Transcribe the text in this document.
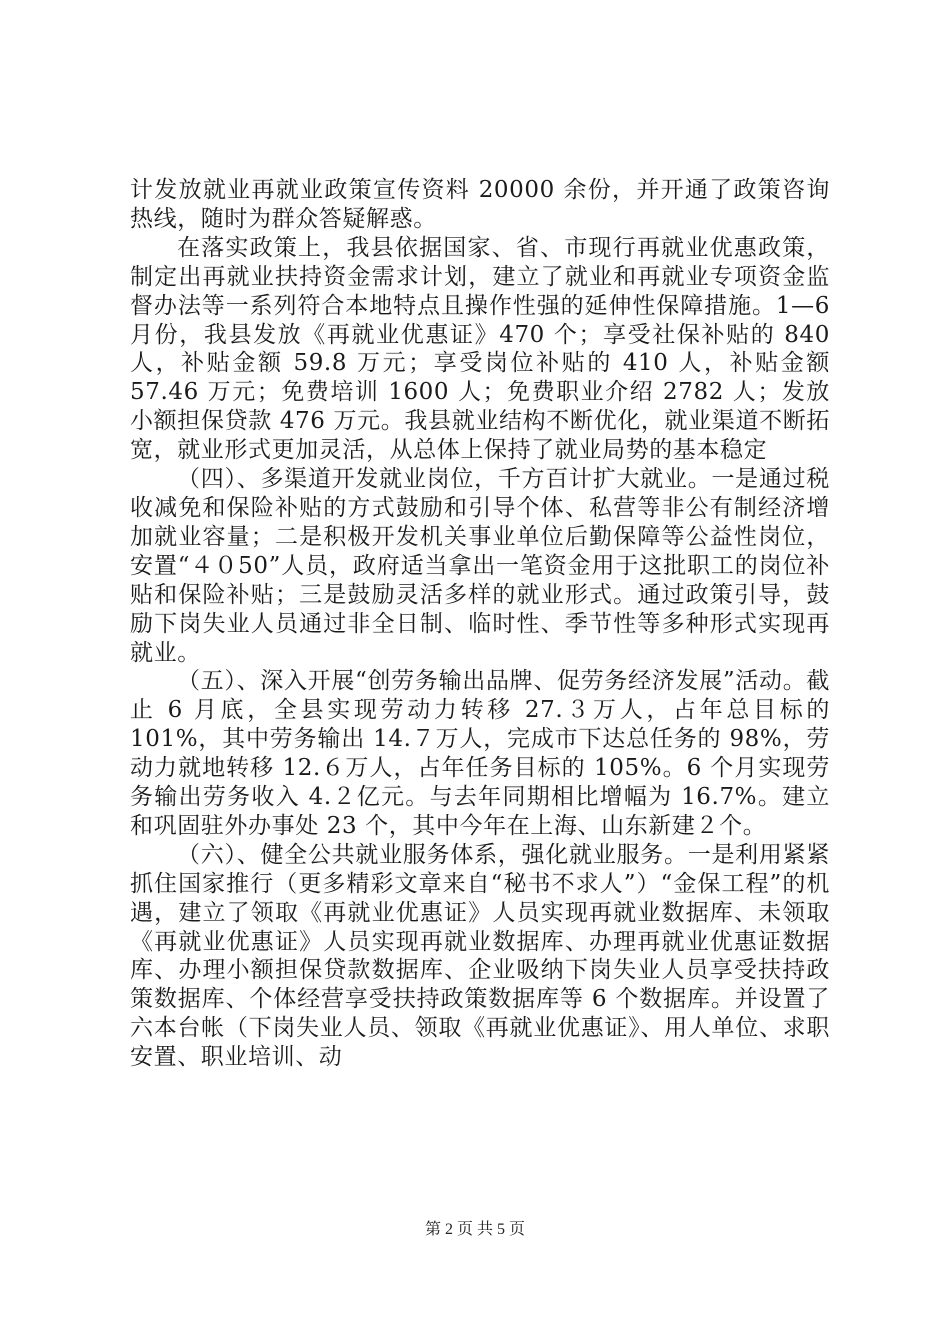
计发放就业再就业政策宣传资料 20000 余份，并开通了政策咨询热线，随时为群众答疑解惑。

在落实政策上，我县依据国家、省、市现行再就业优惠政策，制定出再就业扶持资金需求计划，建立了就业和再就业专项资金监督办法等一系列符合本地特点且操作性强的延伸性保障措施。1—6 月份，我县发放《再就业优惠证》470 个；享受社保补贴的 840 人，补贴金额 59.8 万元；享受岗位补贴的 410 人，补贴金额 57.46 万元；免费培训 1600 人；免费职业介绍 2782 人；发放小额担保贷款 476 万元。我县就业结构不断优化，就业渠道不断拓宽，就业形式更加灵活，从总体上保持了就业局势的基本稳定

（四）、多渠道开发就业岗位，千方百计扩大就业。一是通过税收减免和保险补贴的方式鼓励和引导个体、私营等非公有制经济增加就业容量；二是积极开发机关事业单位后勤保障等公益性岗位，安置“４０50”人员，政府适当拿出一笔资金用于这批职工的岗位补贴和保险补贴；三是鼓励灵活多样的就业形式。通过政策引导，鼓励下岗失业人员通过非全日制、临时性、季节性等多种形式实现再就业。

（五）、深入开展“创劳务输出品牌、促劳务经济发展”活动。截止 6 月底，全县实现劳动力转移 27.３万人，占年总目标的 101%，其中劳务输出 14.７万人，完成市下达总任务的 98%，劳动力就地转移 12.６万人，占年任务目标的 105%。6 个月实现劳务输出劳务收入 4.２亿元。与去年同期相比增幅为 16.7%。建立和巩固驻外办事处 23 个，其中今年在上海、山东新建２个。

（六）、健全公共就业服务体系，强化就业服务。一是利用紧紧抓住国家推行（更多精彩文章来自“秘书不求人”）“金保工程”的机遇，建立了领取《再就业优惠证》人员实现再就业数据库、未领取《再就业优惠证》人员实现再就业数据库、办理再就业优惠证数据库、办理小额担保贷款数据库、企业吸纳下岗失业人员享受扶持政策数据库、个体经营享受扶持政策数据库等 6 个数据库。并设置了六本台帐（下岗失业人员、领取《再就业优惠证》、用人单位、求职安置、职业培训、动

第 2 页 共 5 页
